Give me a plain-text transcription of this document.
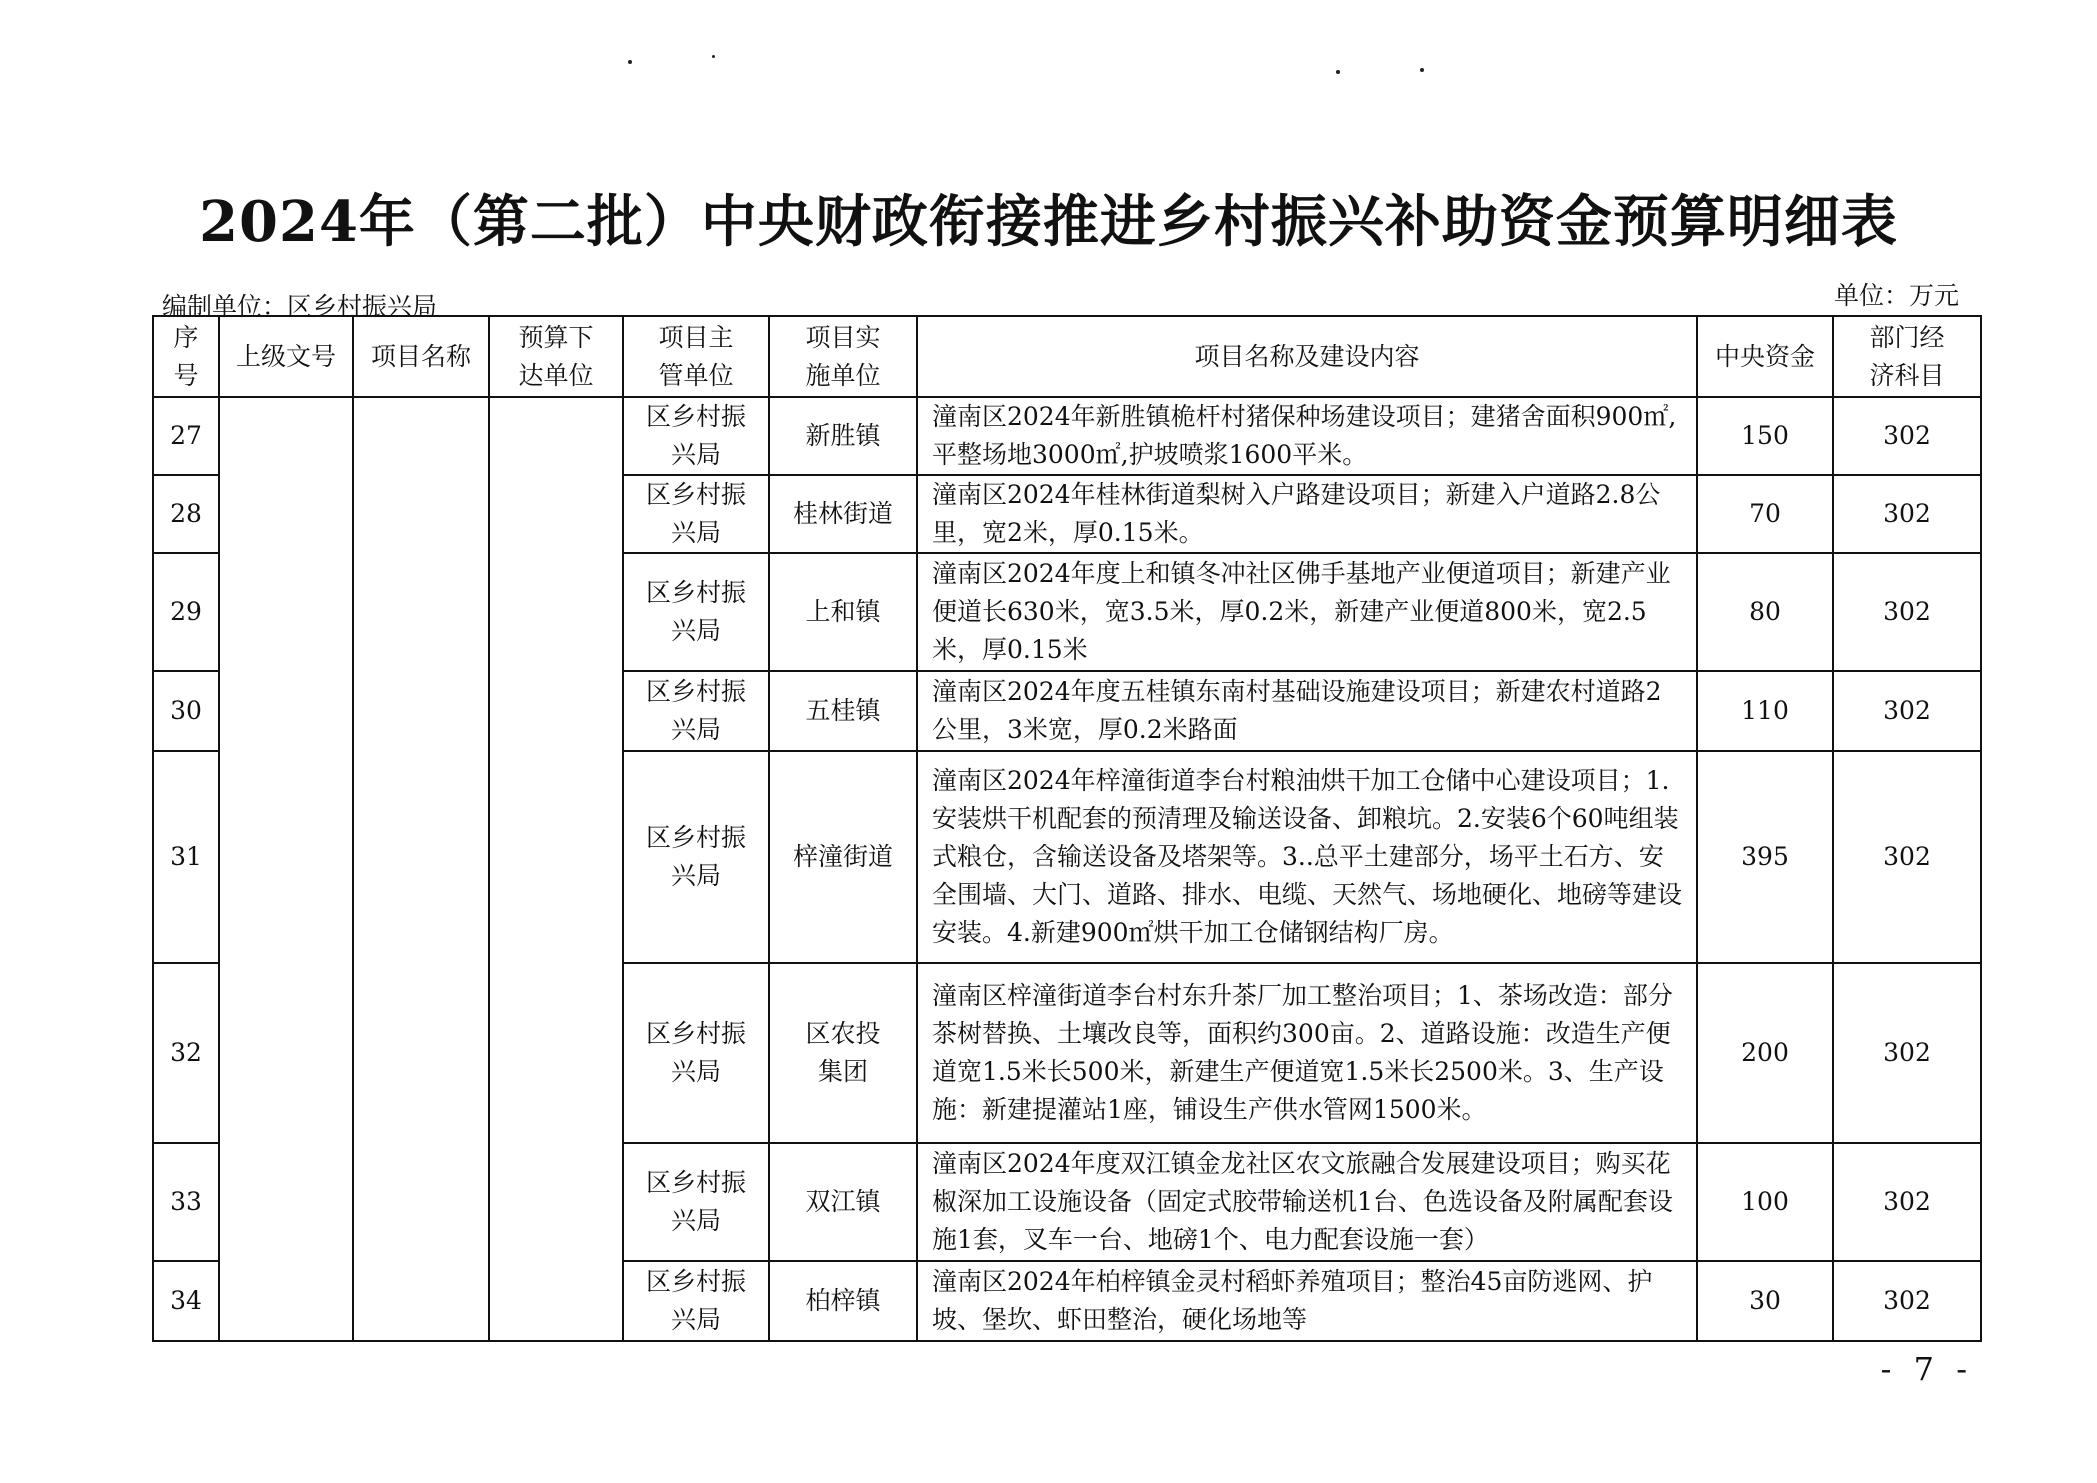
2024年（第二批）中央财政衔接推进乡村振兴补助资金预算明细表
编制单位：区乡村振兴局	单位：万元
序号	上级文号	项目名称	预算下达单位	项目主管单位	项目实施单位	项目名称及建设内容	中央资金	部门经济科目
27				区乡村振兴局	新胜镇	潼南区2024年新胜镇桅杆村猪保种场建设项目；建猪舍面积900㎡,平整场地3000㎡,护坡喷浆1600平米。	150	302
28				区乡村振兴局	桂林街道	潼南区2024年桂林街道梨树入户路建设项目；新建入户道路2.8公里，宽2米，厚0.15米。	70	302
29				区乡村振兴局	上和镇	潼南区2024年度上和镇冬冲社区佛手基地产业便道项目；新建产业便道长630米，宽3.5米，厚0.2米，新建产业便道800米，宽2.5米，厚0.15米	80	302
30				区乡村振兴局	五桂镇	潼南区2024年度五桂镇东南村基础设施建设项目；新建农村道路2公里，3米宽，厚0.2米路面	110	302
31				区乡村振兴局	梓潼街道	潼南区2024年梓潼街道李台村粮油烘干加工仓储中心建设项目；1.安装烘干机配套的预清理及输送设备、卸粮坑。2.安装6个60吨组装式粮仓，含输送设备及塔架等。3..总平土建部分，场平土石方、安全围墙、大门、道路、排水、电缆、天然气、场地硬化、地磅等建设安装。4.新建900㎡烘干加工仓储钢结构厂房。	395	302
32				区乡村振兴局	区农投集团	潼南区梓潼街道李台村东升茶厂加工整治项目；1、茶场改造：部分茶树替换、土壤改良等，面积约300亩。2、道路设施：改造生产便道宽1.5米长500米，新建生产便道宽1.5米长2500米。3、生产设施：新建提灌站1座，铺设生产供水管网1500米。	200	302
33				区乡村振兴局	双江镇	潼南区2024年度双江镇金龙社区农文旅融合发展建设项目；购买花椒深加工设施设备（固定式胶带输送机1台、色选设备及附属配套设施1套，叉车一台、地磅1个、电力配套设施一套）	100	302
34				区乡村振兴局	柏梓镇	潼南区2024年柏梓镇金灵村稻虾养殖项目；整治45亩防逃网、护坡、堡坎、虾田整治，硬化场地等	30	302
- 7 -
